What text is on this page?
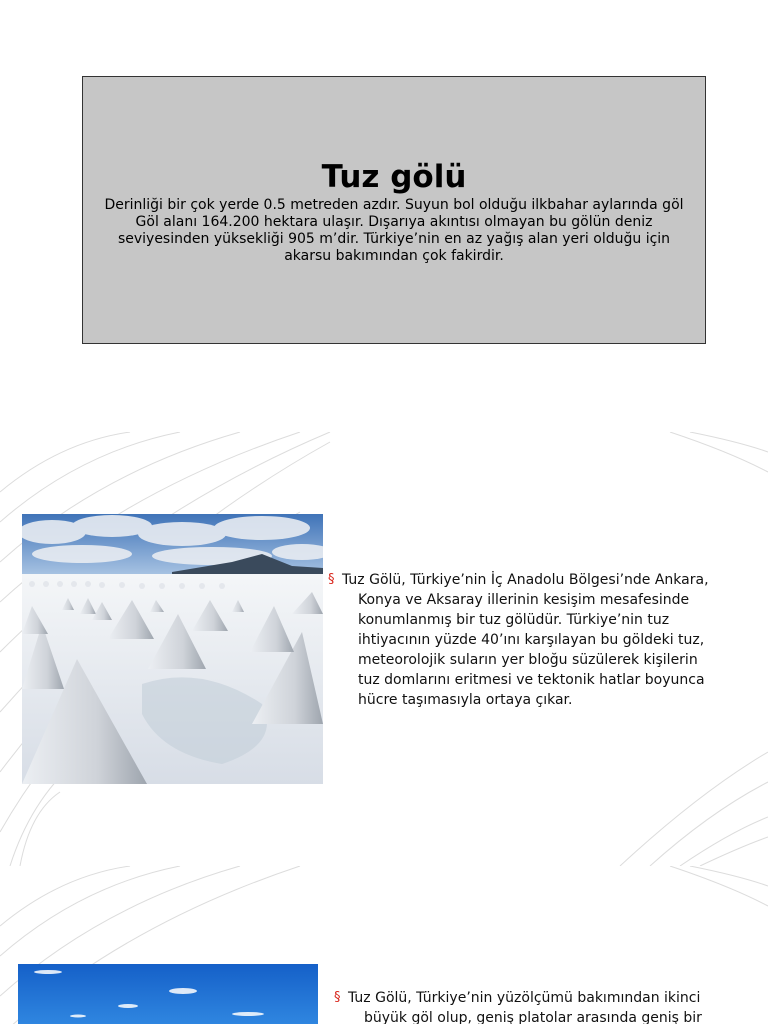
Tuz gölü
Derinliği bir çok yerde 0.5 metreden azdır. Suyun bol olduğu ilkbahar aylarında göl
Göl alanı 164.200 hektara ulaşır. Dışarıya akıntısı olmayan bu gölün deniz
seviyesinden yüksekliği 905 m’dir. Türkiye’nin en az yağış alan yeri olduğu için
akarsu bakımından çok fakirdir.
§ Tuz Gölü, Türkiye’nin İç Anadolu Bölgesi’nde Ankara, Konya ve Aksaray illerinin kesişim mesafesinde konumlanmış bir tuz gölüdür. Türkiye’nin tuz ihtiyacının yüzde 40’ını karşılayan bu göldeki tuz, meteorolojik suların yer bloğu süzülerek kişilerin tuz domlarını eritmesi ve tektonik hatlar boyunca hücre taşımasıyla ortaya çıkar.
§ Tuz Gölü, Türkiye’nin yüzölçümü bakımından ikinci büyük göl olup, geniş platolar arasında geniş bir
